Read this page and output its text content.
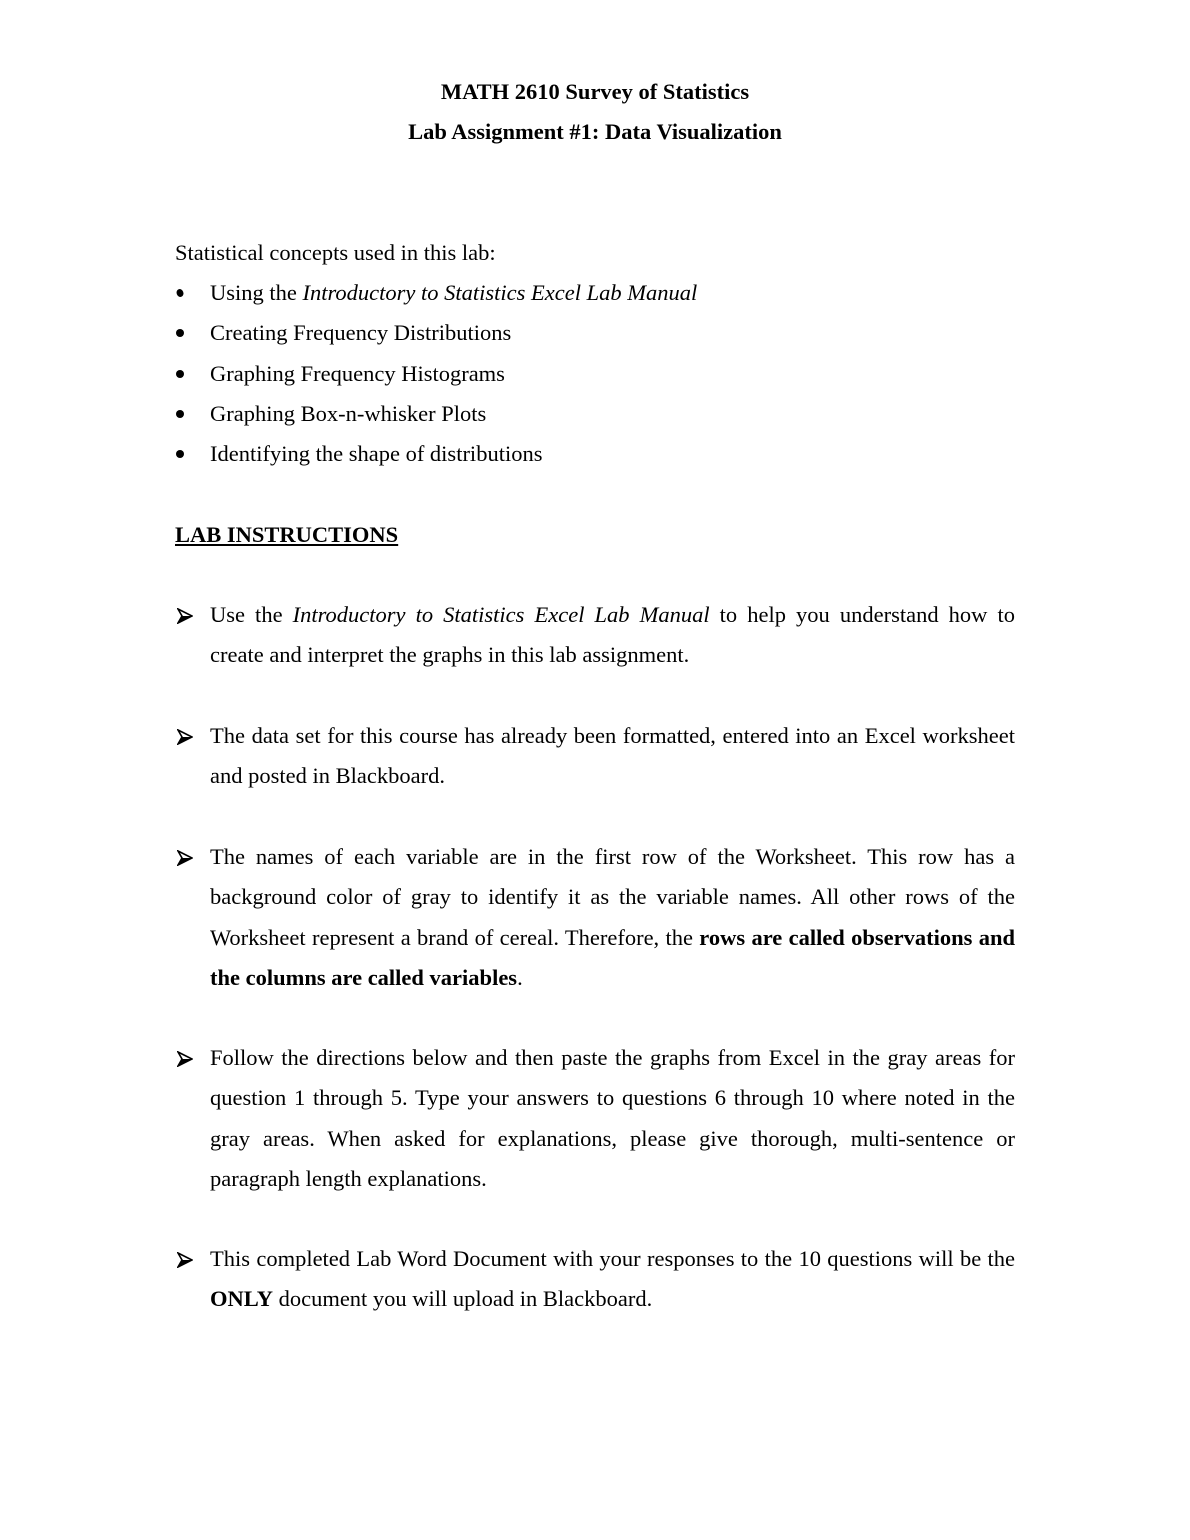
MATH 2610 Survey of Statistics
Lab Assignment #1: Data Visualization
Statistical concepts used in this lab:
Using the Introductory to Statistics Excel Lab Manual
Creating Frequency Distributions
Graphing Frequency Histograms
Graphing Box-n-whisker Plots
Identifying the shape of distributions
LAB INSTRUCTIONS

Use the Introductory to Statistics Excel Lab Manual to help you understand how to create and interpret the graphs in this lab assignment.

The data set for this course has already been formatted, entered into an Excel worksheet and posted in Blackboard.

The names of each variable are in the first row of the Worksheet. This row has a background color of gray to identify it as the variable names. All other rows of the Worksheet represent a brand of cereal. Therefore, the rows are called observations and the columns are called variables.

Follow the directions below and then paste the graphs from Excel in the gray areas for question 1 through 5. Type your answers to questions 6 through 10 where noted in the gray areas. When asked for explanations, please give thorough, multi-sentence or paragraph length explanations.

This completed Lab Word Document with your responses to the 10 questions will be the ONLY document you will upload in Blackboard.
